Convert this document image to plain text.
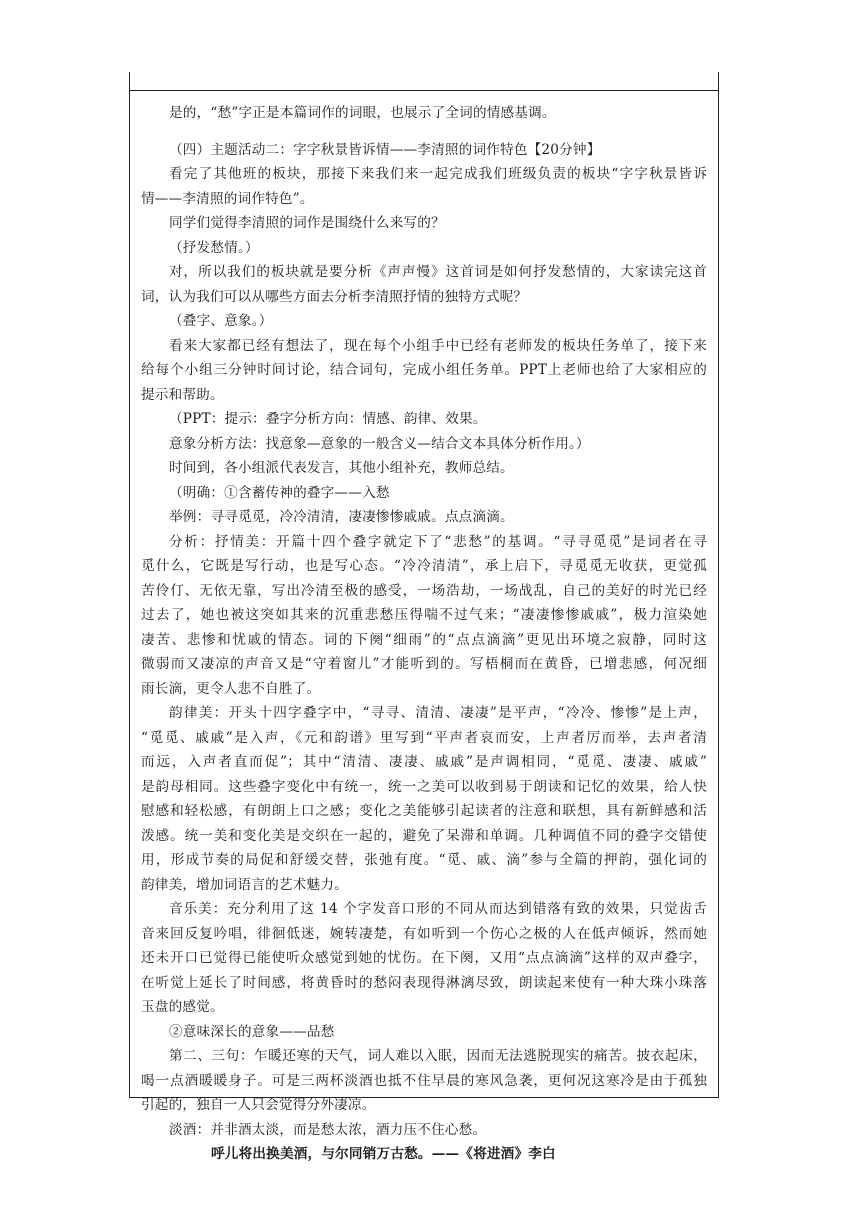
是的，“愁”字正是本篇词作的词眼，也展示了全词的情感基调。
（四）主题活动二：字字秋景皆诉情——李清照的词作特色【20分钟】
看完了其他班的板块，那接下来我们来一起完成我们班级负责的板块“字字秋景皆诉
情——李清照的词作特色”。
同学们觉得李清照的词作是围绕什么来写的？
（抒发愁情。）
对，所以我们的板块就是要分析《声声慢》这首词是如何抒发愁情的，大家读完这首
词，认为我们可以从哪些方面去分析李清照抒情的独特方式呢？
（叠字、意象。）
看来大家都已经有想法了，现在每个小组手中已经有老师发的板块任务单了，接下来
给每个小组三分钟时间讨论，结合词句，完成小组任务单。PPT上老师也给了大家相应的
提示和帮助。
（PPT：提示：叠字分析方向：情感、韵律、效果。
意象分析方法：找意象—意象的一般含义—结合文本具体分析作用。）
时间到，各小组派代表发言，其他小组补充，教师总结。
（明确：①含蓄传神的叠字——入愁
举例：寻寻觅觅，冷冷清清，凄凄惨惨戚戚。点点滴滴。
分析：抒情美：开篇十四个叠字就定下了“悲愁”的基调。“寻寻觅觅”是词者在寻
觅什么，它既是写行动，也是写心态。“冷冷清清”，承上启下，寻觅觅无收获，更觉孤
苦伶仃、无依无靠，写出冷清至极的感受，一场浩劫，一场战乱，自己的美好的时光已经
过去了，她也被这突如其来的沉重悲愁压得喘不过气来；“凄凄惨惨戚戚”，极力渲染她
凄苦、悲惨和忧戚的情态。词的下阕“细雨”的“点点滴滴”更见出环境之寂静，同时这
微弱而又凄凉的声音又是“守着窗儿”才能听到的。写梧桐而在黄昏，已增悲感，何况细
雨长滴，更令人悲不自胜了。
韵律美：开头十四字叠字中，“寻寻、清清、凄凄”是平声，“冷冷、惨惨”是上声，
“觅觅、戚戚”是入声，《元和韵谱》里写到“平声者哀而安，上声者厉而举，去声者清
而远，入声者直而促”；其中“清清、凄凄、戚戚”是声调相同，“觅觅、凄凄、戚戚”
是韵母相同。这些叠字变化中有统一，统一之美可以收到易于朗读和记忆的效果，给人快
慰感和轻松感，有朗朗上口之感；变化之美能够引起读者的注意和联想，具有新鲜感和活
泼感。统一美和变化美是交织在一起的，避免了呆滞和单调。几种调值不同的叠字交错使
用，形成节奏的局促和舒缓交替，张弛有度。“觅、戚、滴”参与全篇的押韵，强化词的
韵律美，增加词语言的艺术魅力。
音乐美：充分利用了这 14 个字发音口形的不同从而达到错落有致的效果，只觉齿舌
音来回反复吟唱，徘徊低迷，婉转凄楚，有如听到一个伤心之极的人在低声倾诉，然而她
还未开口已觉得已能使听众感觉到她的忧伤。在下阕，又用“点点滴滴”这样的双声叠字，
在听觉上延长了时间感，将黄昏时的愁闷表现得淋漓尽致，朗读起来使有一种大珠小珠落
玉盘的感觉。
②意味深长的意象——品愁
第二、三句：乍暖还寒的天气，词人难以入眠，因而无法逃脱现实的痛苦。披衣起床，
喝一点酒暖暖身子。可是三两杯淡酒也抵不住早晨的寒风急袭，更何况这寒冷是由于孤独
引起的，独自一人只会觉得分外凄凉。
淡酒：并非酒太淡，而是愁太浓，酒力压不住心愁。
呼儿将出换美酒，与尔同销万古愁。——《将进酒》李白
